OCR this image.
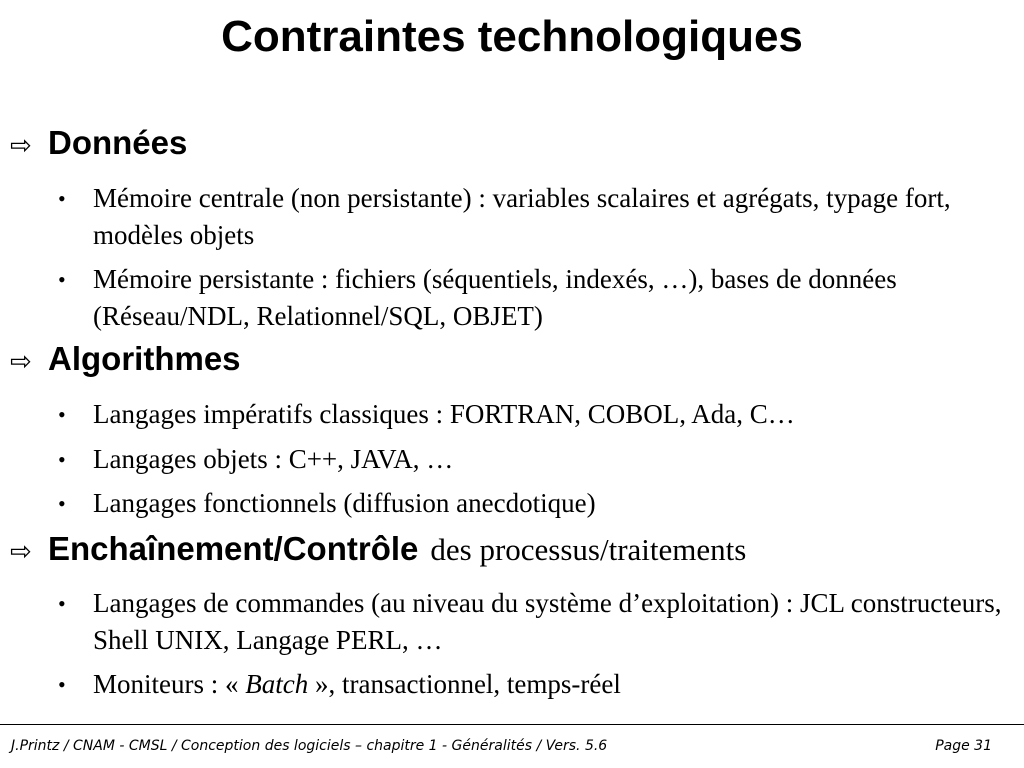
Contraintes technologiques
⇨ Données
• Mémoire centrale (non persistante) : variables scalaires et agrégats, typage fort, modèles objets
• Mémoire persistante : fichiers (séquentiels, indexés, …), bases de données (Réseau/NDL, Relationnel/SQL, OBJET)
⇨ Algorithmes
• Langages impératifs classiques : FORTRAN, COBOL, Ada, C…
• Langages objets : C++, JAVA, …
• Langages fonctionnels (diffusion anecdotique)
⇨ Enchaînement/Contrôle des processus/traitements
• Langages de commandes (au niveau du système d’exploitation) : JCL constructeurs, Shell UNIX, Langage PERL, …
• Moniteurs : « Batch », transactionnel, temps-réel
J.Printz / CNAM - CMSL / Conception des logiciels – chapitre 1 - Généralités / Vers. 5.6	Page 31
